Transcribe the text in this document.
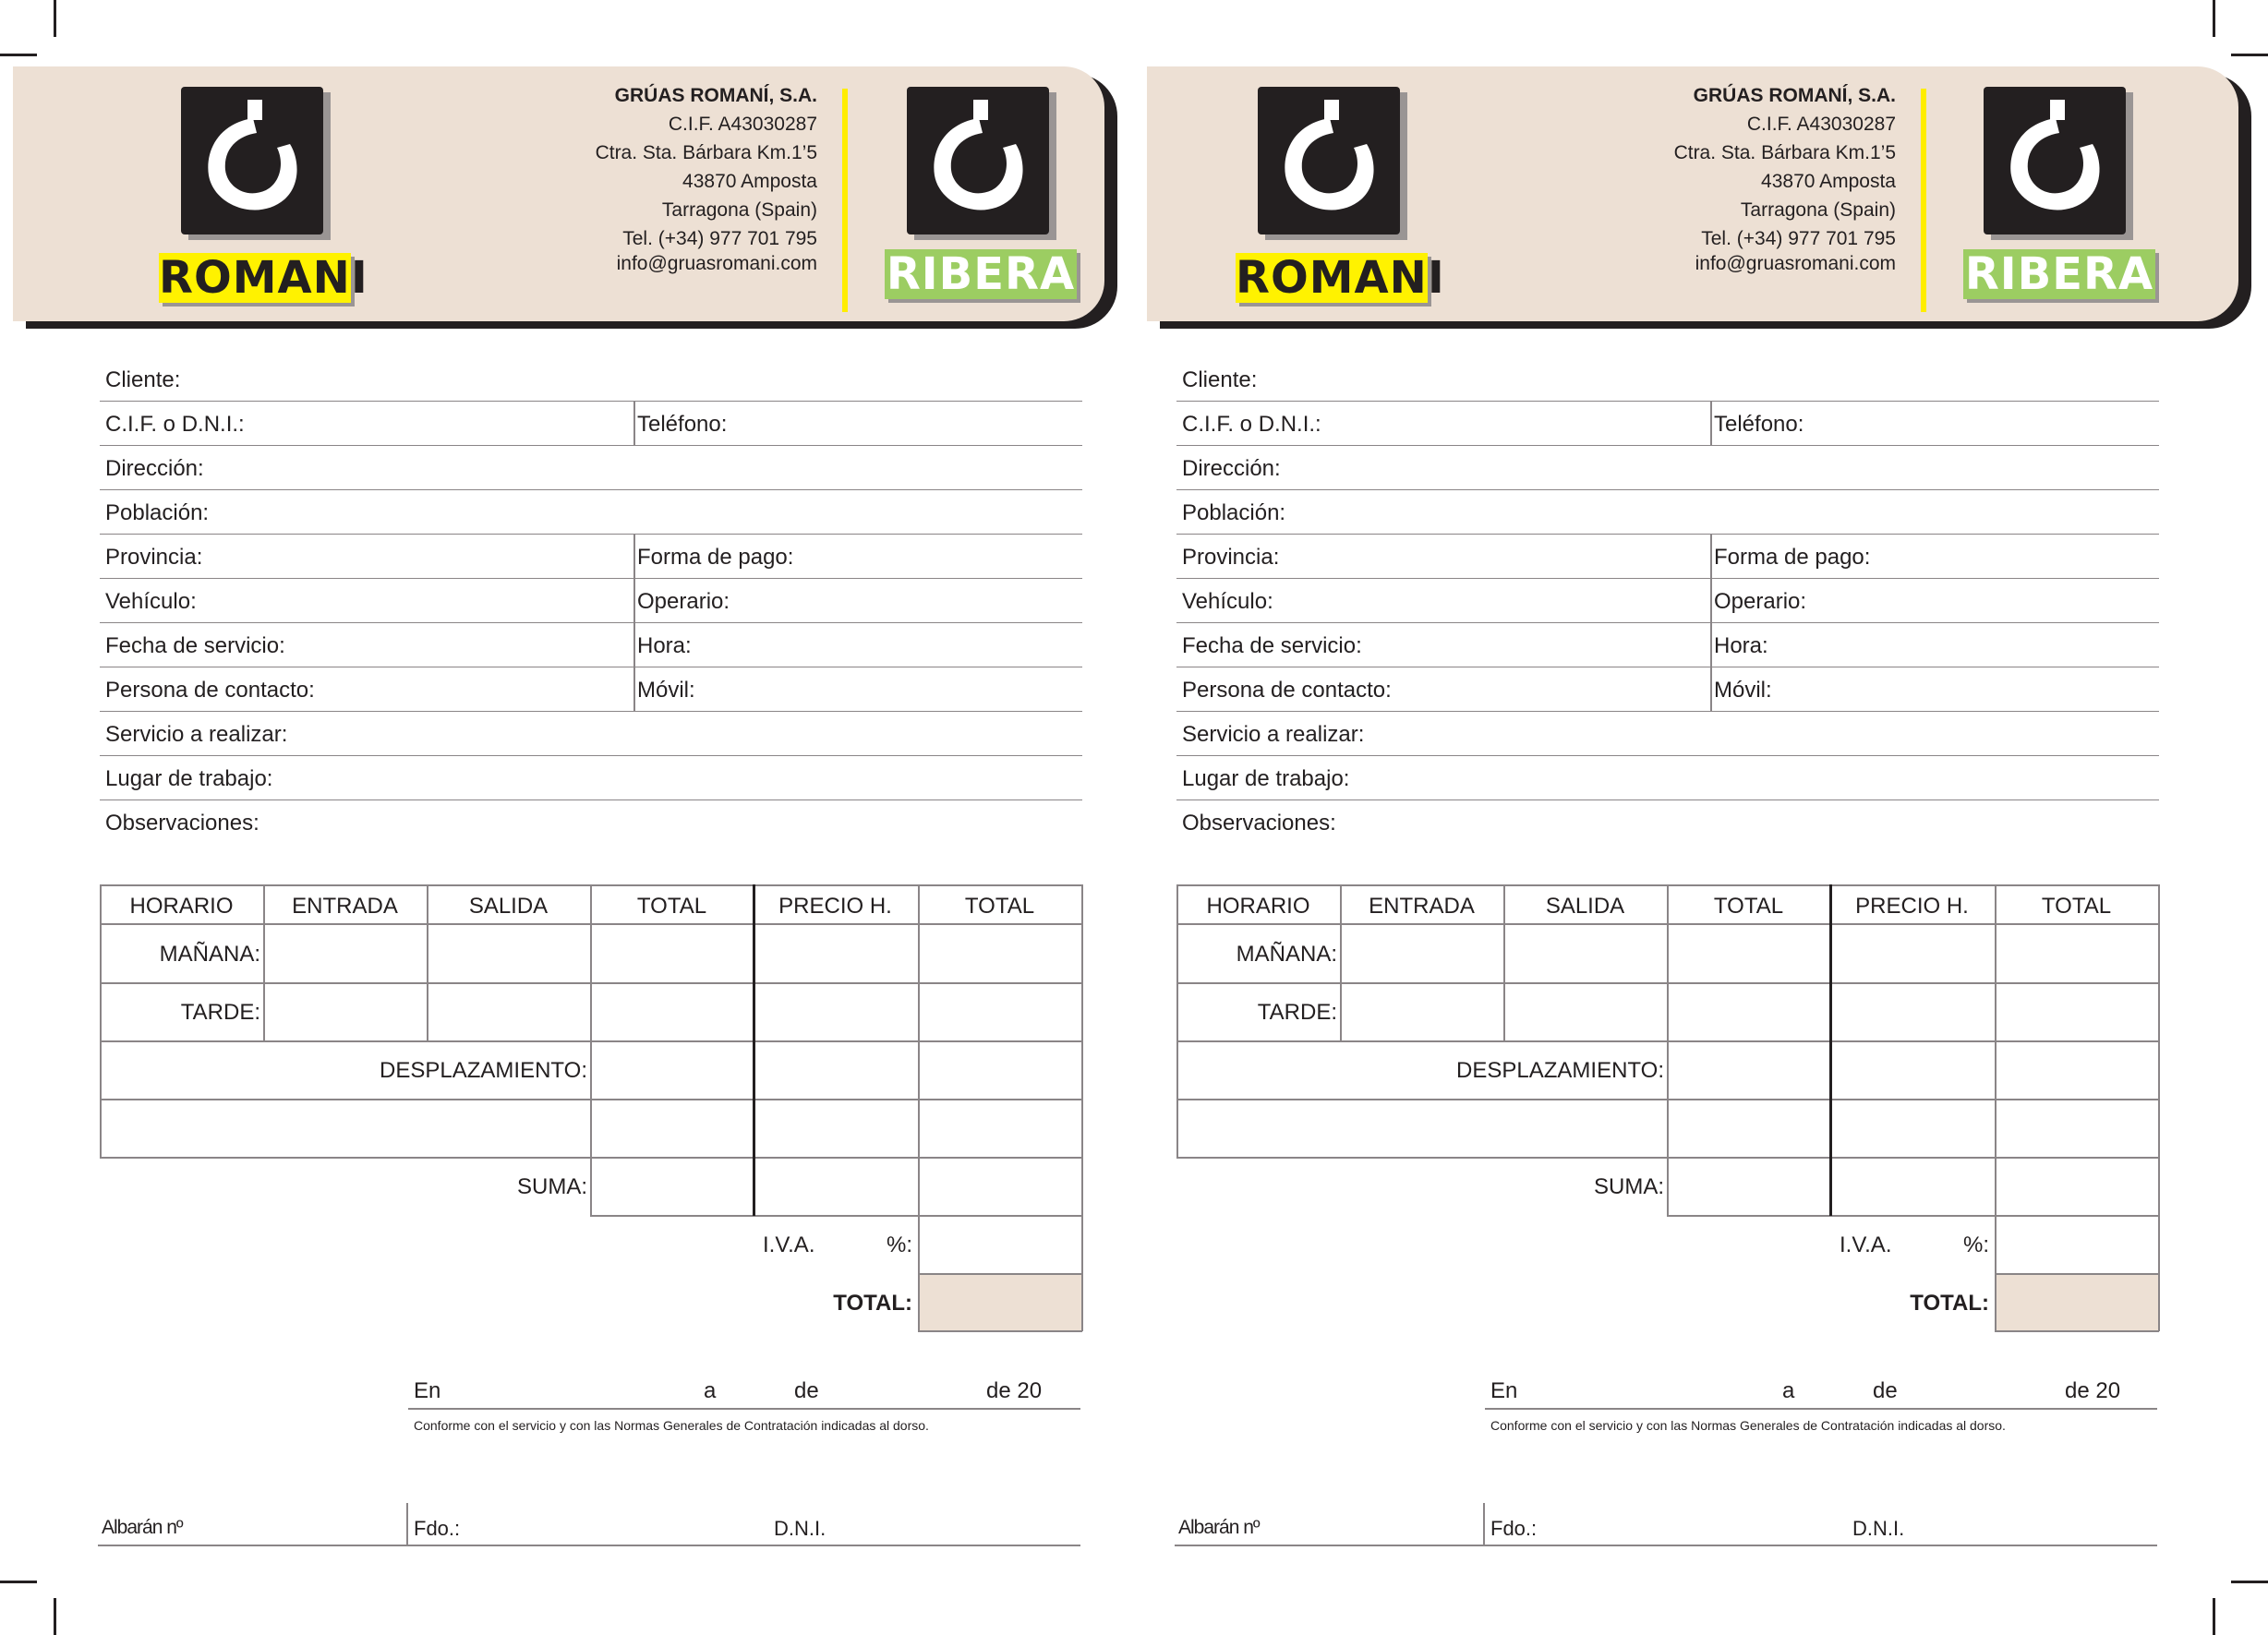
ROMANI
GRÚAS ROMANÍ, S.A.
C.I.F. A43030287
Ctra. Sta. Bárbara Km.1’5
43870 Amposta
Tarragona (Spain)
Tel. (+34) 977 701 795
info@gruasromani.com RIBERA
Cliente:
C.I.F. o D.N.I.:	Teléfono:
Dirección:
Población:
Provincia:	Forma de pago:
Vehículo:	Operario:
Fecha de servicio:	Hora:
Persona de contacto:	Móvil:
Servicio a realizar:
Lugar de trabajo:
Observaciones:
HORARIO	ENTRADA	SALIDA	TOTAL	PRECIO H.	TOTAL
MAÑANA:
TARDE:
DESPLAZAMIENTO:
SUMA:
I.V.A.	%:
TOTAL:
En	a	de	de 20
Conforme con el servicio y con las Normas Generales de Contratación indicadas al dorso.
Albarán nº	Fdo.:	D.N.I.
ROMANI
GRÚAS ROMANÍ, S.A.
C.I.F. A43030287
Ctra. Sta. Bárbara Km.1’5
43870 Amposta
Tarragona (Spain)
Tel. (+34) 977 701 795
info@gruasromani.com RIBERA
Cliente:
C.I.F. o D.N.I.:	Teléfono:
Dirección:
Población:
Provincia:	Forma de pago:
Vehículo:	Operario:
Fecha de servicio:	Hora:
Persona de contacto:	Móvil:
Servicio a realizar:
Lugar de trabajo:
Observaciones:
HORARIO	ENTRADA	SALIDA	TOTAL	PRECIO H.	TOTAL
MAÑANA:
TARDE:
DESPLAZAMIENTO:
SUMA:
I.V.A.	%:
TOTAL:
En	a	de	de 20
Conforme con el servicio y con las Normas Generales de Contratación indicadas al dorso.
Albarán nº	Fdo.:	D.N.I.
